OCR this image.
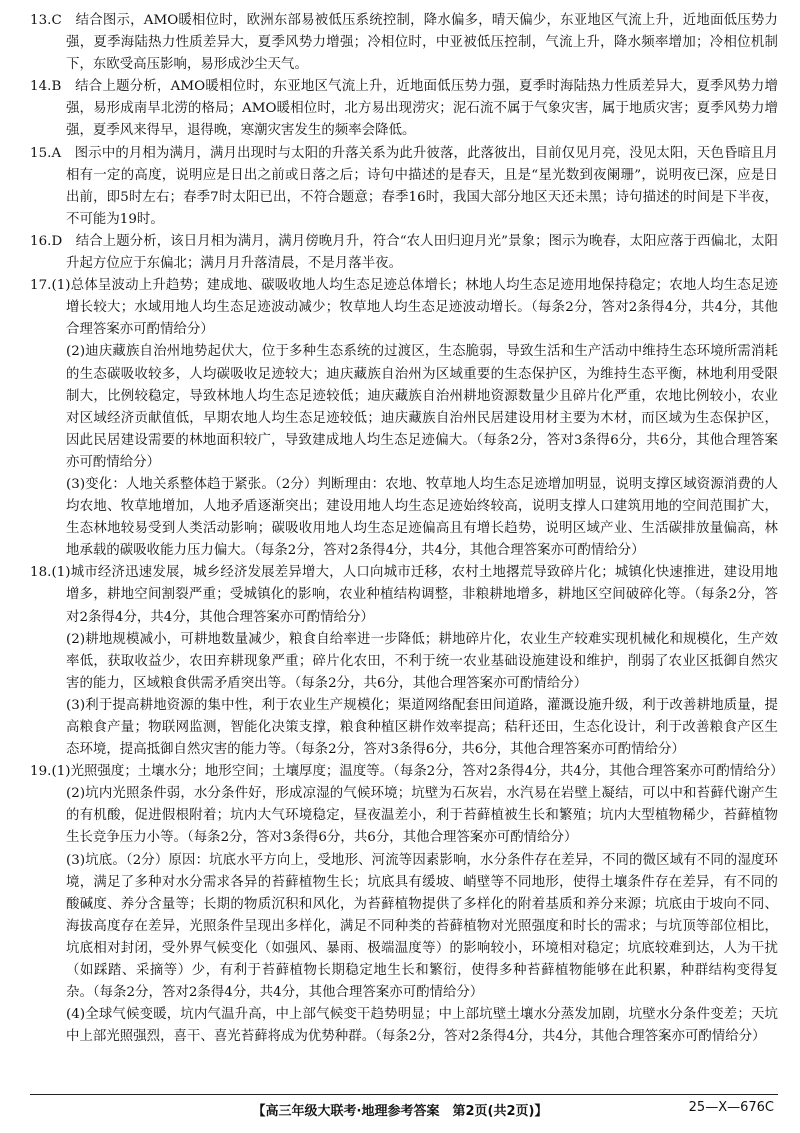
13.C　结合图示，AMO暖相位时，欧洲东部易被低压系统控制，降水偏多，晴天偏少，东亚地区气流上升，近地面低压势力强，夏季海陆热力性质差异大，夏季风势力增强；冷相位时，中亚被低压控制，气流上升，降水频率增加；冷相位机制下，东欧受高压影响，易形成沙尘天气。

14.B　结合上题分析，AMO暖相位时，东亚地区气流上升，近地面低压势力强，夏季时海陆热力性质差异大，夏季风势力增强，易形成南旱北涝的格局；AMO暖相位时，北方易出现涝灾；泥石流不属于气象灾害，属于地质灾害；夏季风势力增强，夏季风来得早，退得晚，寒潮灾害发生的频率会降低。

15.A　图示中的月相为满月，满月出现时与太阳的升落关系为此升彼落，此落彼出，目前仅见月亮，没见太阳，天色昏暗且月相有一定的高度，说明应是日出之前或日落之后；诗句中描述的是春天，且是“星光数到夜阑珊”，说明夜已深，应是日出前，即5时左右；春季7时太阳已出，不符合题意；春季16时，我国大部分地区天还未黑；诗句描述的时间是下半夜，不可能为19时。

16.D　结合上题分析，该日月相为满月，满月傍晚月升，符合“农人田归迎月光”景象；图示为晚春，太阳应落于西偏北，太阳升起方位应于东偏北；满月月升落清晨，不是月落半夜。

17.(1)总体呈波动上升趋势；建成地、碳吸收地人均生态足迹总体增长；林地人均生态足迹用地保持稳定；农地人均生态足迹增长较大；水域用地人均生态足迹波动减少；牧草地人均生态足迹波动增长。（每条2分，答对2条得4分，共4分，其他合理答案亦可酌情给分）

(2)迪庆藏族自治州地势起伏大，位于多种生态系统的过渡区，生态脆弱，导致生活和生产活动中维持生态环境所需消耗的生态碳吸收较多，人均碳吸收足迹较大；迪庆藏族自治州为区域重要的生态保护区，为维持生态平衡，林地利用受限制大，比例较稳定，导致林地人均生态足迹较低；迪庆藏族自治州耕地资源数量少且碎片化严重，农地比例较小，农业对区域经济贡献值低，早期农地人均生态足迹较低；迪庆藏族自治州民居建设用材主要为木材，而区域为生态保护区，因此民居建设需要的林地面积较广，导致建成地人均生态足迹偏大。（每条2分，答对3条得6分，共6分，其他合理答案亦可酌情给分）

(3)变化：人地关系整体趋于紧张。（2分）判断理由：农地、牧草地人均生态足迹增加明显，说明支撑区域资源消费的人均农地、牧草地增加，人地矛盾逐渐突出；建设用地人均生态足迹始终较高，说明支撑人口建筑用地的空间范围扩大，生态林地较易受到人类活动影响；碳吸收用地人均生态足迹偏高且有增长趋势，说明区域产业、生活碳排放量偏高，林地承载的碳吸收能力压力偏大。（每条2分，答对2条得4分，共4分，其他合理答案亦可酌情给分）

18.(1)城市经济迅速发展，城乡经济发展差异增大，人口向城市迁移，农村土地撂荒导致碎片化；城镇化快速推进，建设用地增多，耕地空间割裂严重；受城镇化的影响，农业种植结构调整，非粮耕地增多，耕地区空间破碎化等。（每条2分，答对2条得4分，共4分，其他合理答案亦可酌情给分）

(2)耕地规模减小，可耕地数量减少，粮食自给率进一步降低；耕地碎片化，农业生产较难实现机械化和规模化，生产效率低，获取收益少，农田弃耕现象严重；碎片化农田，不利于统一农业基础设施建设和维护，削弱了农业区抵御自然灾害的能力，区域粮食供需矛盾突出等。（每条2分，共6分，其他合理答案亦可酌情给分）

(3)利于提高耕地资源的集中性，利于农业生产规模化；渠道网络配套田间道路，灌溉设施升级，利于改善耕地质量，提高粮食产量；物联网监测，智能化决策支撑，粮食种植区耕作效率提高；秸秆还田，生态化设计，利于改善粮食产区生态环境，提高抵御自然灾害的能力等。（每条2分，答对3条得6分，共6分，其他合理答案亦可酌情给分）

19.(1)光照强度；土壤水分；地形空间；土壤厚度；温度等。（每条2分，答对2条得4分，共4分，其他合理答案亦可酌情给分）

(2)坑内光照条件弱，水分条件好，形成凉湿的气候环境；坑壁为石灰岩，水汽易在岩壁上凝结，可以中和苔藓代谢产生的有机酸，促进假根附着；坑内大气环境稳定，昼夜温差小，利于苔藓植被生长和繁殖；坑内大型植物稀少，苔藓植物生长竞争压力小等。（每条2分，答对3条得6分，共6分，其他合理答案亦可酌情给分）

(3)坑底。（2分）原因：坑底水平方向上，受地形、河流等因素影响，水分条件存在差异，不同的微区域有不同的湿度环境，满足了多种对水分需求各异的苔藓植物生长；坑底具有缓坡、峭壁等不同地形，使得土壤条件存在差异，有不同的酸碱度、养分含量等；长期的物质沉积和风化，为苔藓植物提供了多样化的附着基质和养分来源；坑底由于坡向不同、海拔高度存在差异，光照条件呈现出多样化，满足不同种类的苔藓植物对光照强度和时长的需求；与坑顶等部位相比，坑底相对封闭，受外界气候变化（如强风、暴雨、极端温度等）的影响较小，环境相对稳定；坑底较难到达，人为干扰（如踩踏、采摘等）少，有利于苔藓植物长期稳定地生长和繁衍，使得多种苔藓植物能够在此积累，种群结构变得复杂。（每条2分，答对2条得4分，共4分，其他合理答案亦可酌情给分）

(4)全球气候变暖，坑内气温升高，中上部气候变干趋势明显；中上部坑壁土壤水分蒸发加剧，坑壁水分条件变差；天坑中上部光照强烈，喜干、喜光苔藓将成为优势种群。（每条2分，答对2条得4分，共4分，其他合理答案亦可酌情给分）

【高三年级大联考·地理参考答案　第2页(共2页)】	25—X—676C
